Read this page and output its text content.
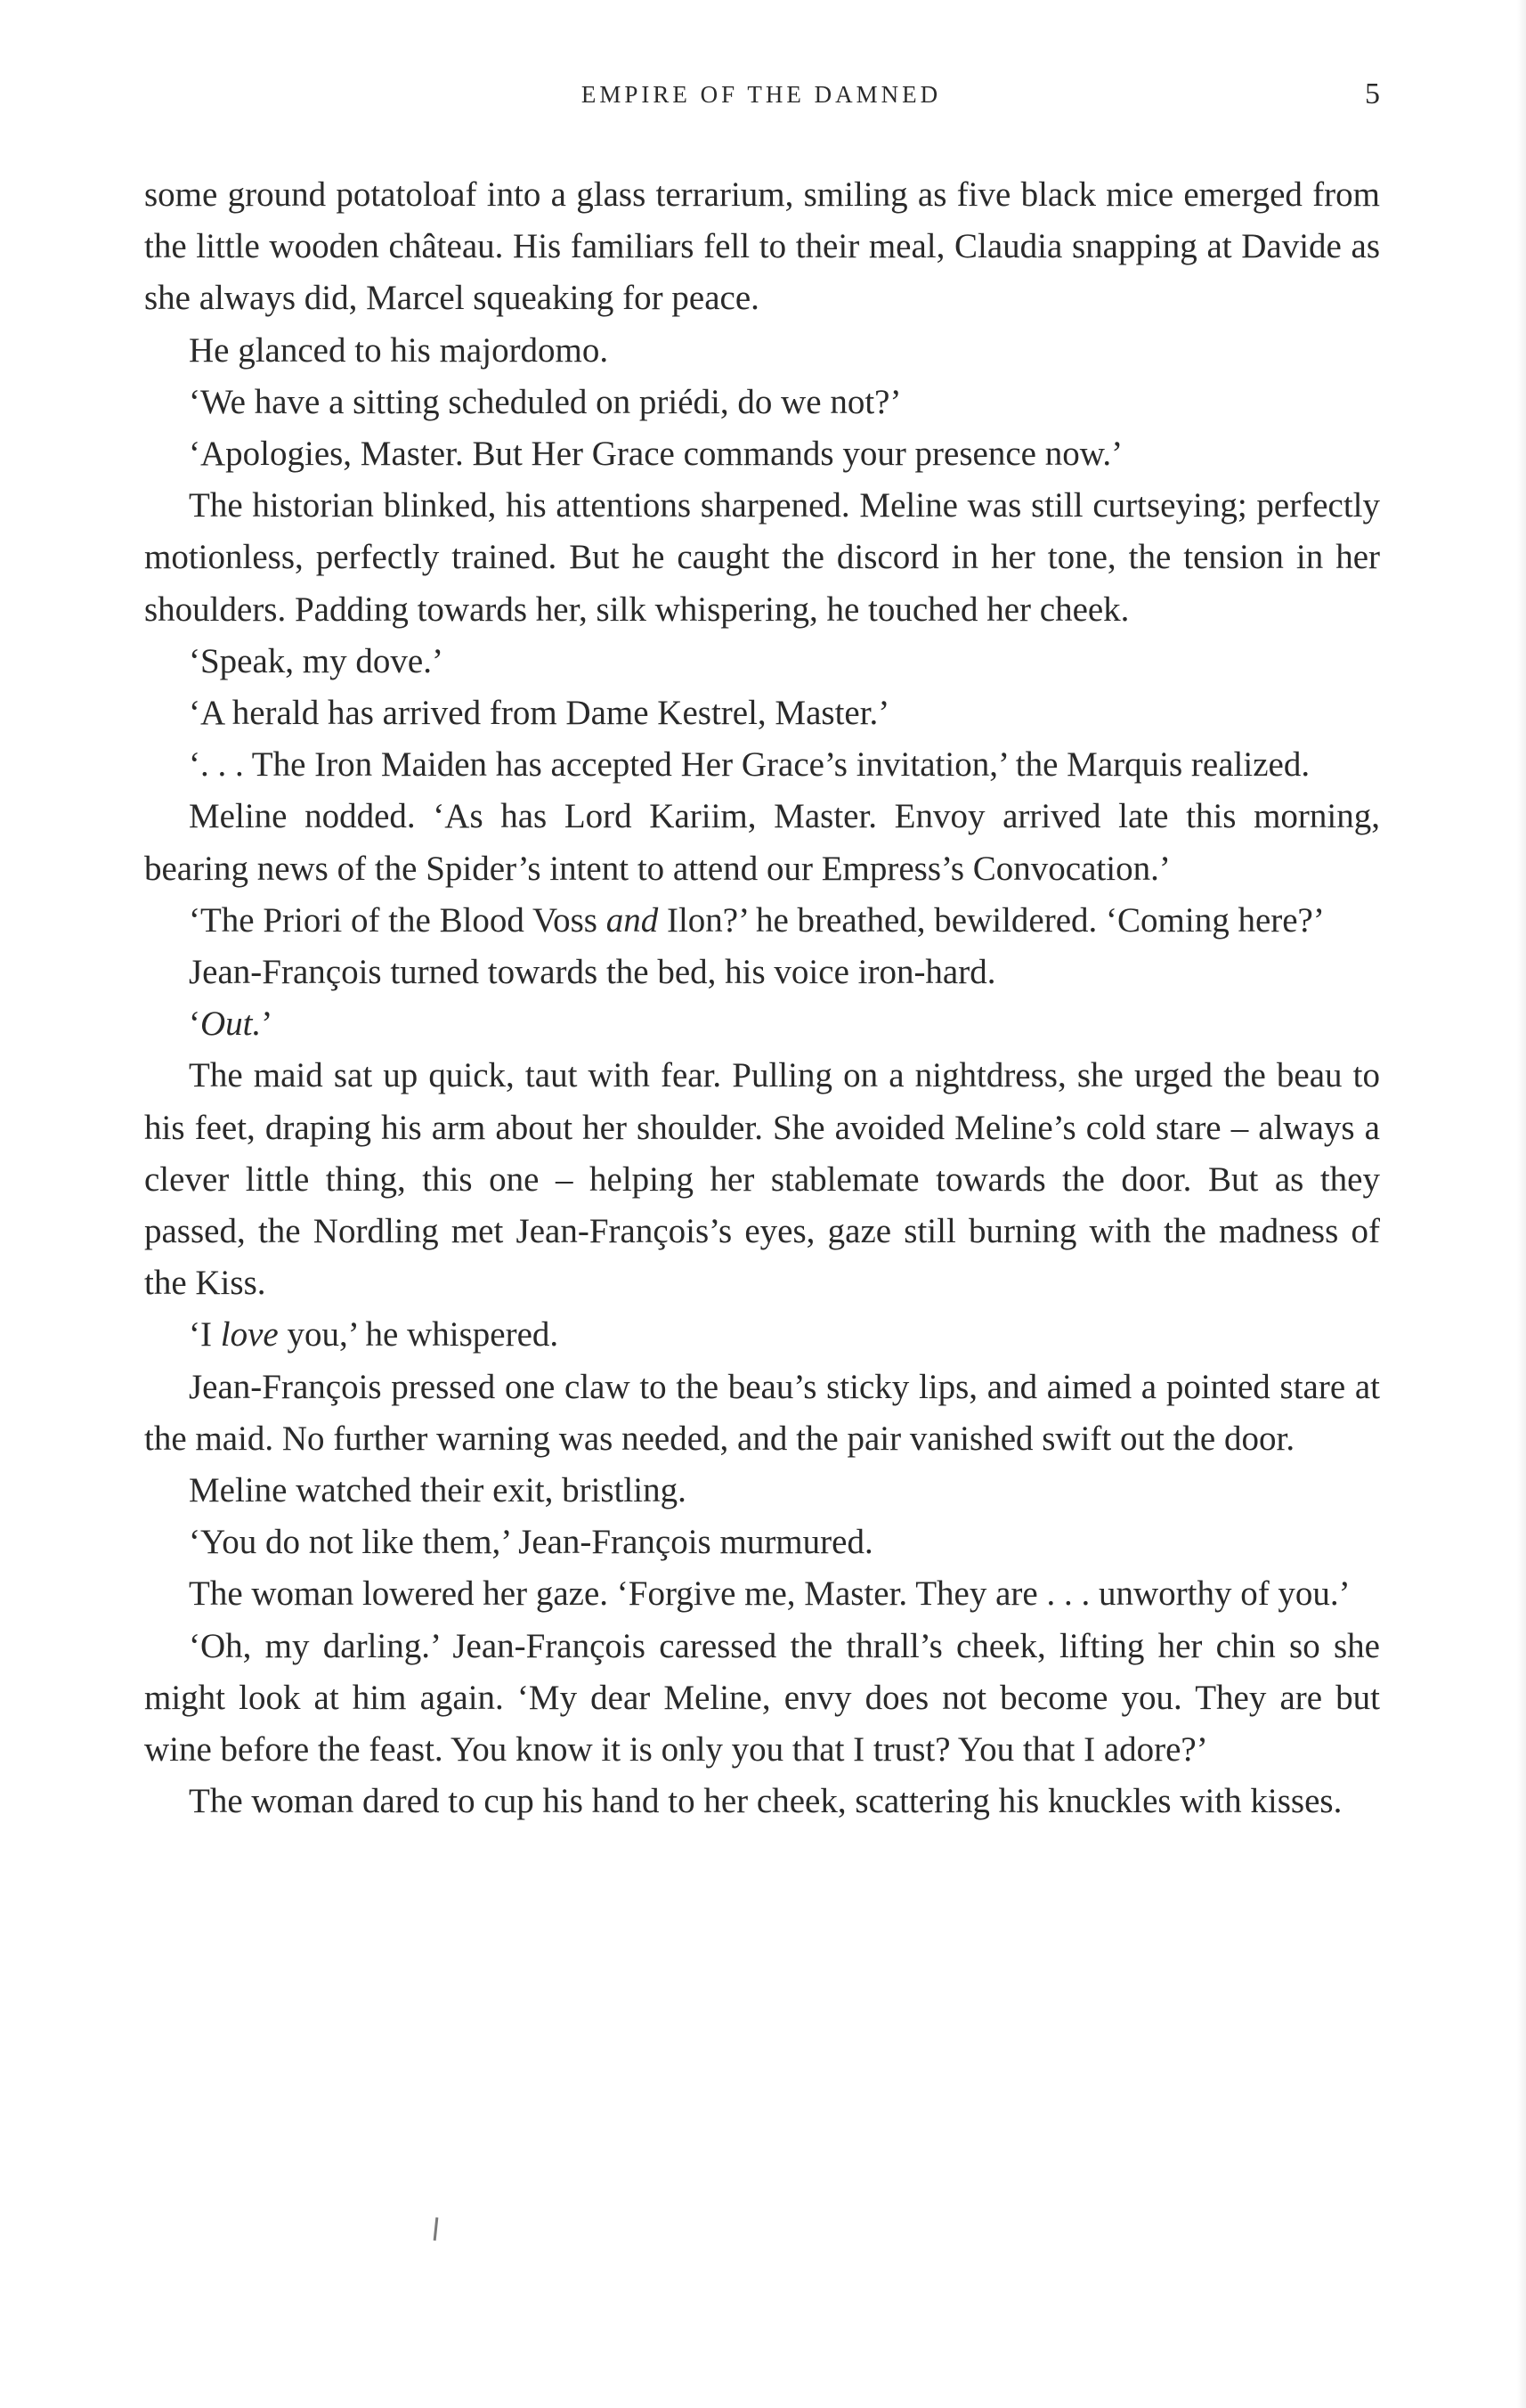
EMPIRE OF THE DAMNED	5

some ground potatoloaf into a glass terrarium, smiling as five black mice emerged from the little wooden château. His familiars fell to their meal, Claudia snapping at Davide as she always did, Marcel squeaking for peace.

He glanced to his majordomo.

‘We have a sitting scheduled on priédi, do we not?’

‘Apologies, Master. But Her Grace commands your presence now.’

The historian blinked, his attentions sharpened. Meline was still curtseying; perfectly motionless, perfectly trained. But he caught the discord in her tone, the tension in her shoulders. Padding towards her, silk whispering, he touched her cheek.

‘Speak, my dove.’

‘A herald has arrived from Dame Kestrel, Master.’

‘. . . The Iron Maiden has accepted Her Grace’s invitation,’ the Marquis realized.

Meline nodded. ‘As has Lord Kariim, Master. Envoy arrived late this morning, bearing news of the Spider’s intent to attend our Empress’s Convocation.’

‘The Priori of the Blood Voss and Ilon?’ he breathed, bewildered. ‘Coming here?’

Jean-François turned towards the bed, his voice iron-hard.

‘Out.’

The maid sat up quick, taut with fear. Pulling on a nightdress, she urged the beau to his feet, draping his arm about her shoulder. She avoided Meline’s cold stare – always a clever little thing, this one – helping her stablemate towards the door. But as they passed, the Nordling met Jean-François’s eyes, gaze still burning with the madness of the Kiss.

‘I love you,’ he whispered.

Jean-François pressed one claw to the beau’s sticky lips, and aimed a pointed stare at the maid. No further warning was needed, and the pair vanished swift out the door.

Meline watched their exit, bristling.

‘You do not like them,’ Jean-François murmured.

The woman lowered her gaze. ‘Forgive me, Master. They are . . . unworthy of you.’

‘Oh, my darling.’ Jean-François caressed the thrall’s cheek, lifting her chin so she might look at him again. ‘My dear Meline, envy does not become you. They are but wine before the feast. You know it is only you that I trust? You that I adore?’

The woman dared to cup his hand to her cheek, scattering his knuckles with kisses.
